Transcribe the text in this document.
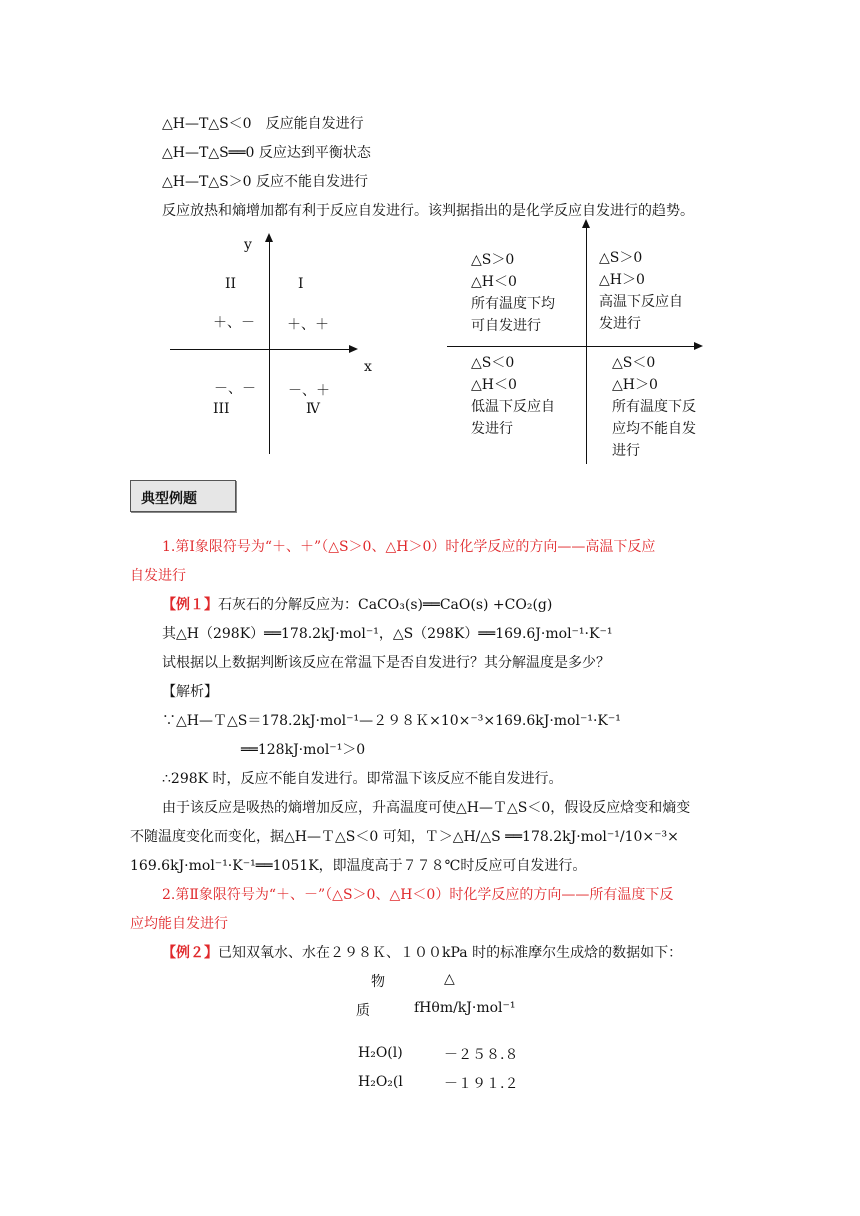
△H—T△S＜0　反应能自发进行
△H—T△S══0 反应达到平衡状态
△H—T△S＞0 反应不能自发进行
反应放热和熵增加都有利于反应自发进行。该判据指出的是化学反应自发进行的趋势。
y
x
II	I
＋、－ ＋、＋
－、－ －、＋
III	Ⅳ
△S＞0
△H＜0
所有温度下均
可自发进行
△S＞0
△H＞0
高温下反应自
发进行
△S＜0
△H＜0
低温下反应自
发进行
△S＜0
△H＞0
所有温度下反
应均不能自发
进行
典型例题
1.第Ⅰ象限符号为“＋、＋”（△S＞0、△H＞0）时化学反应的方向——高温下反应
自发进行
【例１】石灰石的分解反应为：CaCO₃(s)══CaO(s) +CO₂(g)
其△H（298K）══178.2kJ·mol⁻¹，△S（298K）══169.6J·mol⁻¹·K⁻¹
试根据以上数据判断该反应在常温下是否自发进行？其分解温度是多少？
【解析】
∵△H—Ｔ△S＝178.2kJ·mol⁻¹—２９８Ｋ×10×⁻³×169.6kJ·mol⁻¹·K⁻¹
══128kJ·mol⁻¹＞0
∴298K 时，反应不能自发进行。即常温下该反应不能自发进行。
由于该反应是吸热的熵增加反应，升高温度可使△H—Ｔ△S＜0，假设反应焓变和熵变
不随温度变化而变化，据△H—Ｔ△S＜0 可知，Ｔ＞△H/△S ══178.2kJ·mol⁻¹/10×⁻³×
169.6kJ·mol⁻¹·K⁻¹══1051K，即温度高于７７８℃时反应可自发进行。
2.第Ⅱ象限符号为“＋、－”（△S＞0、△H＜0）时化学反应的方向——所有温度下反
应均能自发进行
【例２】已知双氧水、水在２９８Ｋ、１００kPa 时的标准摩尔生成焓的数据如下：
物	△
质	fHθm/kJ·mol⁻¹
H₂O(l)	－２５８.８
H₂O₂(l	－１９１.２
